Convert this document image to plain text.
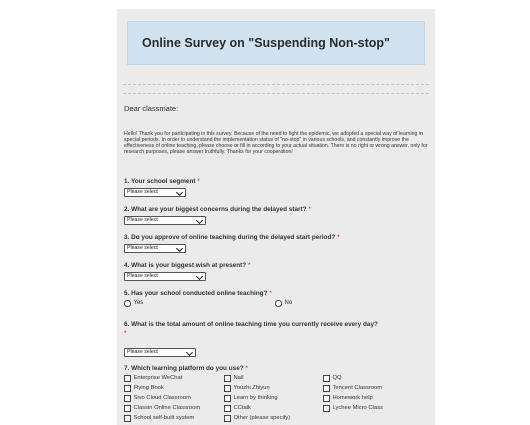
Online Survey on "Suspending Non-stop"
Dear classmate:
Hello! Thank you for participating in this survey. Because of the need to fight the epidemic, we adopted a special way of learning in special periods. In order to understand the implementation status of "no-stop" in various schools, and constantly improve the effectiveness of online teaching, please choose or fill in according to your actual situation. There is no right or wrong answer, only for research purposes, please answer truthfully. Thanks for your cooperation!
1. Your school segment *
Please select
2. What are your biggest concerns during the delayed start? *
Please select
3. Do you approve of online teaching during the delayed start period? *
Please select
4. What is your biggest wish at present? *
Please select
5. Has your school conducted online teaching? *
Yes	No
6. What is the total amount of online teaching time you currently receive every day?
*
Please select
7. Which learning platform do you use? *
Enterprise WeChat	Nail	QQ
Flying Book	Youzhi Zhiyun	Tencent Classroom
Sivo Cloud Classroom	Learn by thinking	Homework help
Classin Online Classroom	CCtalk	Lychee Micro Class
School self-built system	Other (please specify)
